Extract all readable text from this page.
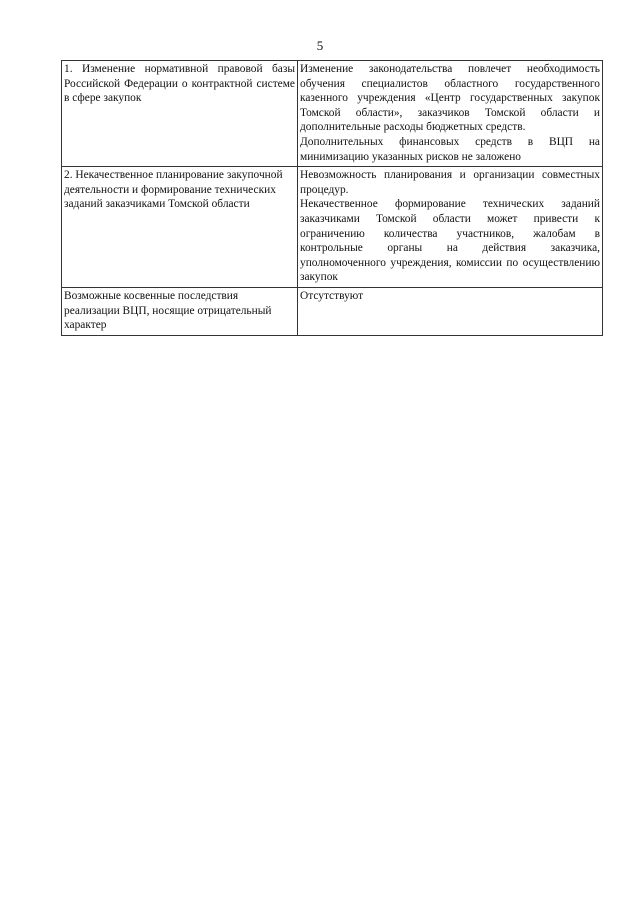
5
1. Изменение нормативной правовой базы Российской Федерации о контрактной системе в сфере закупок	Изменение законодательства повлечет необходимость обучения специалистов областного государственного казенного учреждения «Центр государственных закупок Томской области», заказчиков Томской области и дополнительные расходы бюджетных средств.

Дополнительных финансовых средств в ВЦП на минимизацию указанных рисков не заложено

2. Некачественное планирование закупочной деятельности и формирование технических заданий заказчиками Томской области	Невозможность планирования и организации совместных процедур.

Некачественное формирование технических заданий заказчиками Томской области может привести к ограничению количества участников, жалобам в контрольные органы на действия заказчика, уполномоченного учреждения, комиссии по осуществлению закупок

Возможные косвенные последствия реализации ВЦП, носящие отрицательный характер	Отсутствуют
